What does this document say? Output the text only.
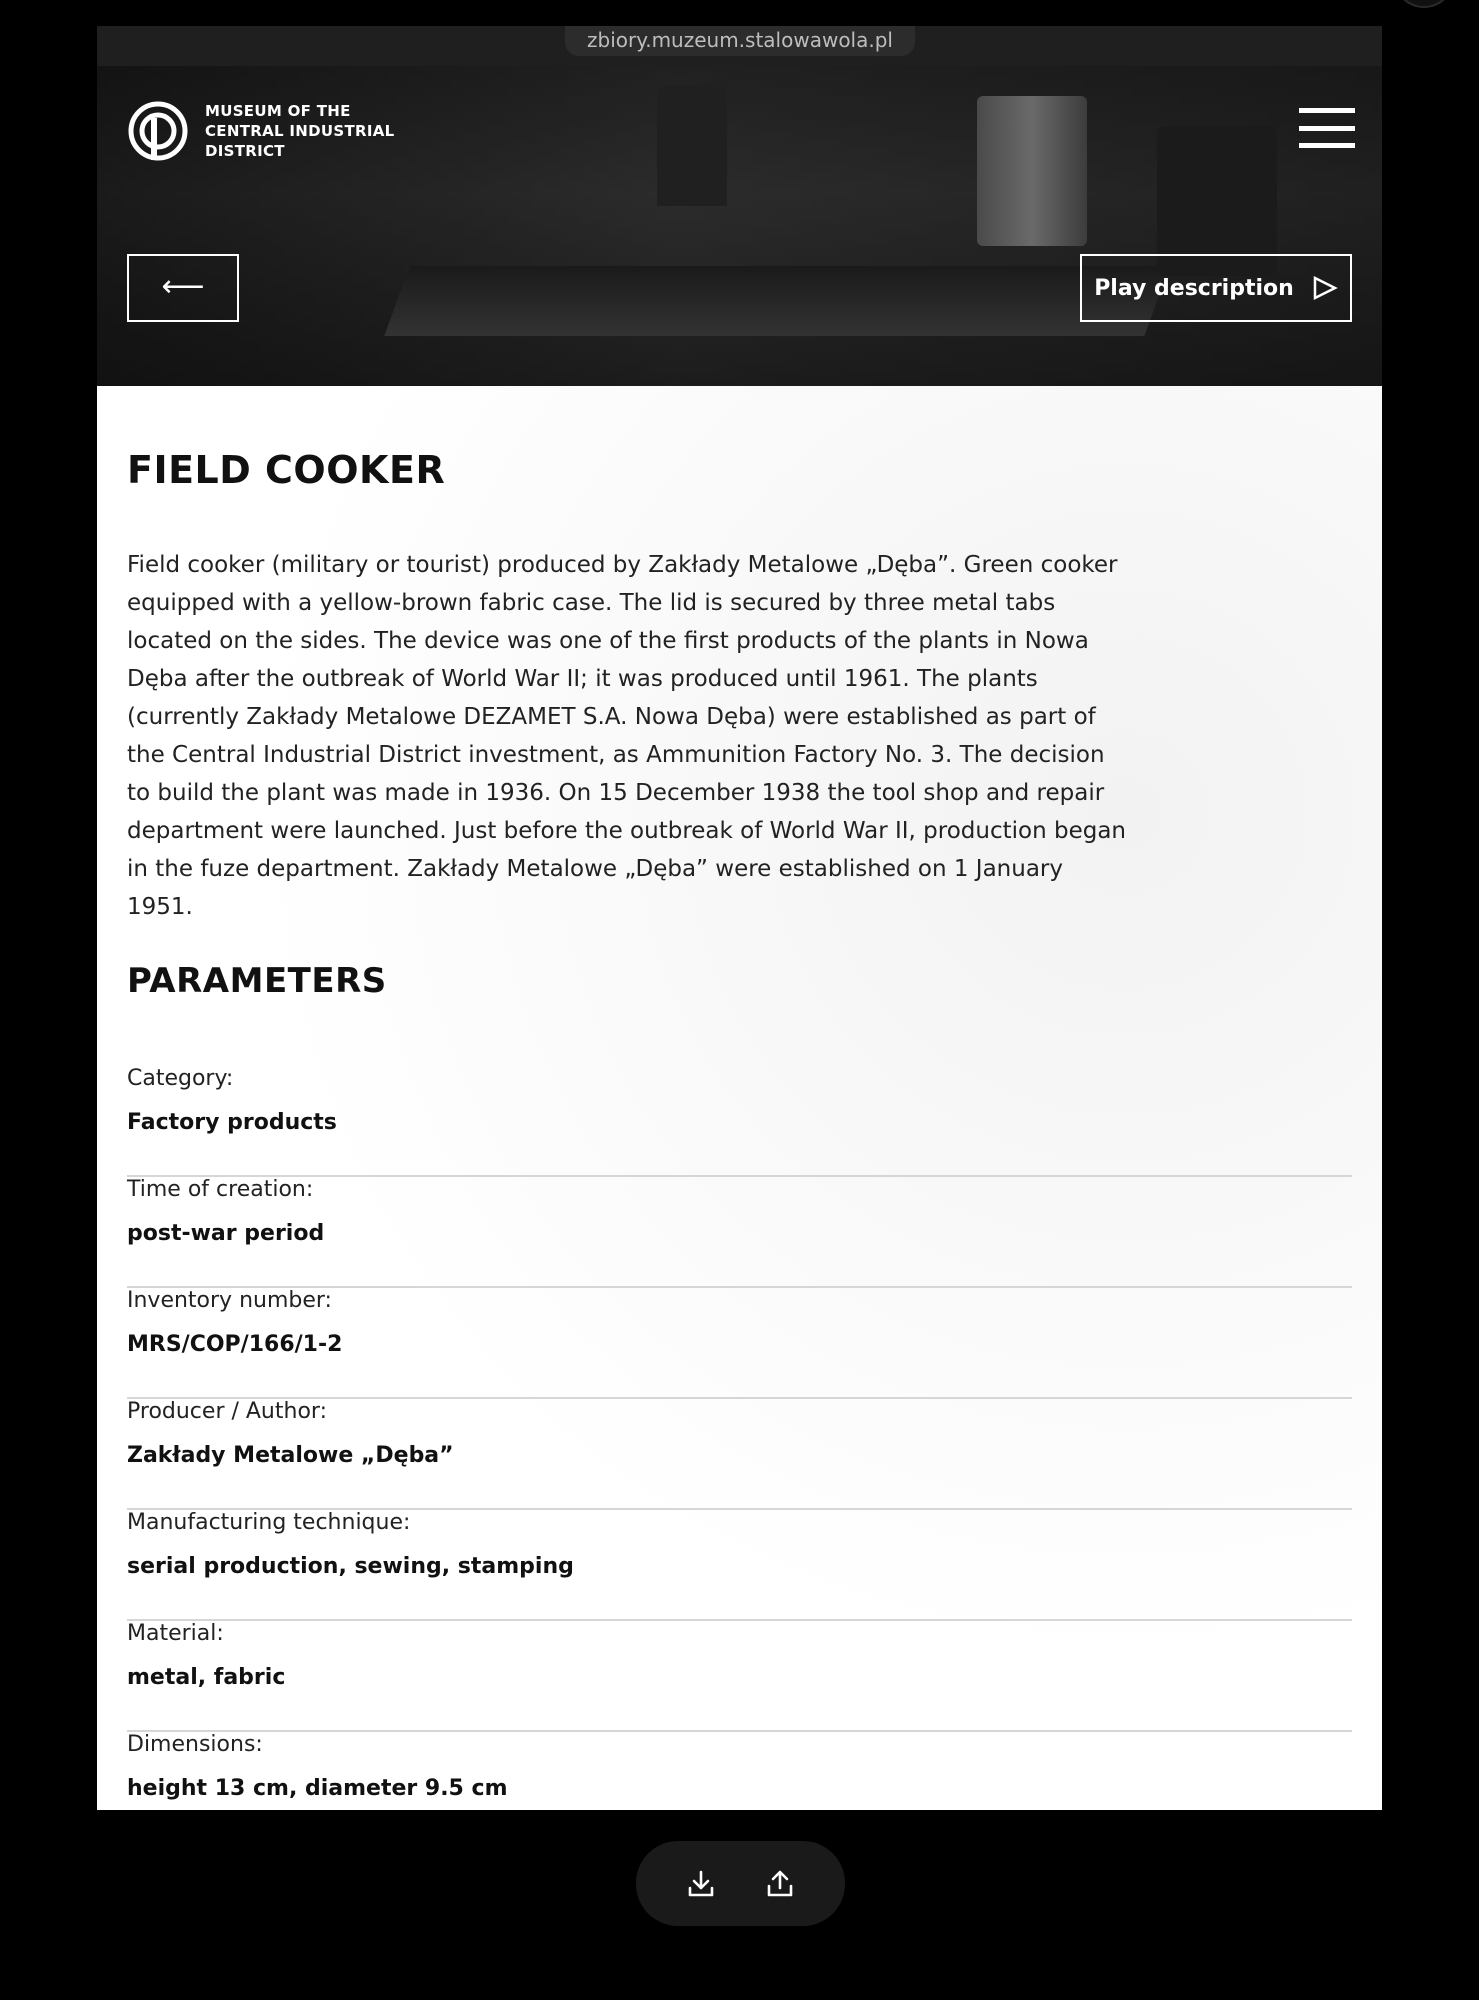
zbiory.muzeum.stalowawola.pl
MUSEUM OF THE CENTRAL INDUSTRIAL DISTRICT
⟵	Play description
FIELD COOKER

Field cooker (military or tourist) produced by Zakłady Metalowe „Dęba”. Green cooker equipped with a yellow-brown fabric case. The lid is secured by three metal tabs located on the sides. The device was one of the first products of the plants in Nowa Dęba after the outbreak of World War II; it was produced until 1961. The plants (currently Zakłady Metalowe DEZAMET S.A. Nowa Dęba) were established as part of the Central Industrial District investment, as Ammunition Factory No. 3. The decision to build the plant was made in 1936. On 15 December 1938 the tool shop and repair department were launched. Just before the outbreak of World War II, production began in the fuze department. Zakłady Metalowe „Dęba” were established on 1 January 1951.

PARAMETERS
Category:
Factory products
Time of creation:
post-war period
Inventory number:
MRS/COP/166/1-2
Producer / Author:
Zakłady Metalowe „Dęba”
Manufacturing technique:
serial production, sewing, stamping
Material:
metal, fabric
Dimensions:
height 13 cm, diameter 9.5 cm
